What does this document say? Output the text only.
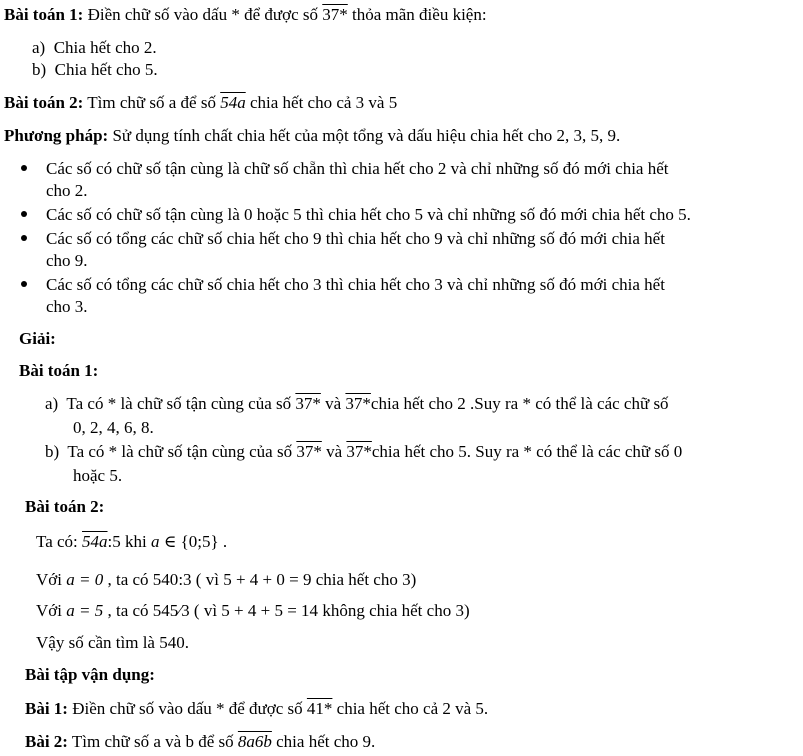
Bài toán 1: Điền chữ số vào dấu * để được số 37* thỏa mãn điều kiện:
a) Chia hết cho 2.
b) Chia hết cho 5.
Bài toán 2: Tìm chữ số a để số 54a chia hết cho cả 3 và 5
Phương pháp: Sử dụng tính chất chia hết của một tổng và dấu hiệu chia hết cho 2, 3, 5, 9.
Các số có chữ số tận cùng là chữ số chẵn thì chia hết cho 2 và chỉ những số đó mới chia hết
cho 2.
Các số có chữ số tận cùng là 0 hoặc 5 thì chia hết cho 5 và chỉ những số đó mới chia hết cho 5.
Các số có tổng các chữ số chia hết cho 9 thì chia hết cho 9 và chỉ những số đó mới chia hết
cho 9.
Các số có tổng các chữ số chia hết cho 3 thì chia hết cho 3 và chỉ những số đó mới chia hết
cho 3.
Giải:
Bài toán 1:
a) Ta có * là chữ số tận cùng của số 37* và 37*chia hết cho 2 .Suy ra * có thể là các chữ số
0, 2, 4, 6, 8.
b) Ta có * là chữ số tận cùng của số 37* và 37*chia hết cho 5. Suy ra * có thể là các chữ số 0
hoặc 5.
Bài toán 2:
Ta có: 54a:5 khi a ∈ {0;5} .
Với a = 0 , ta có 540:3 ( vì 5 + 4 + 0 = 9 chia hết cho 3)
Với a = 5 , ta có 545⁄3 ( vì 5 + 4 + 5 = 14 không chia hết cho 3)
Vậy số cần tìm là 540.
Bài tập vận dụng:
Bài 1: Điền chữ số vào dấu * để được số 41* chia hết cho cả 2 và 5.
Bài 2: Tìm chữ số a và b để số 8a6b chia hết cho 9.
